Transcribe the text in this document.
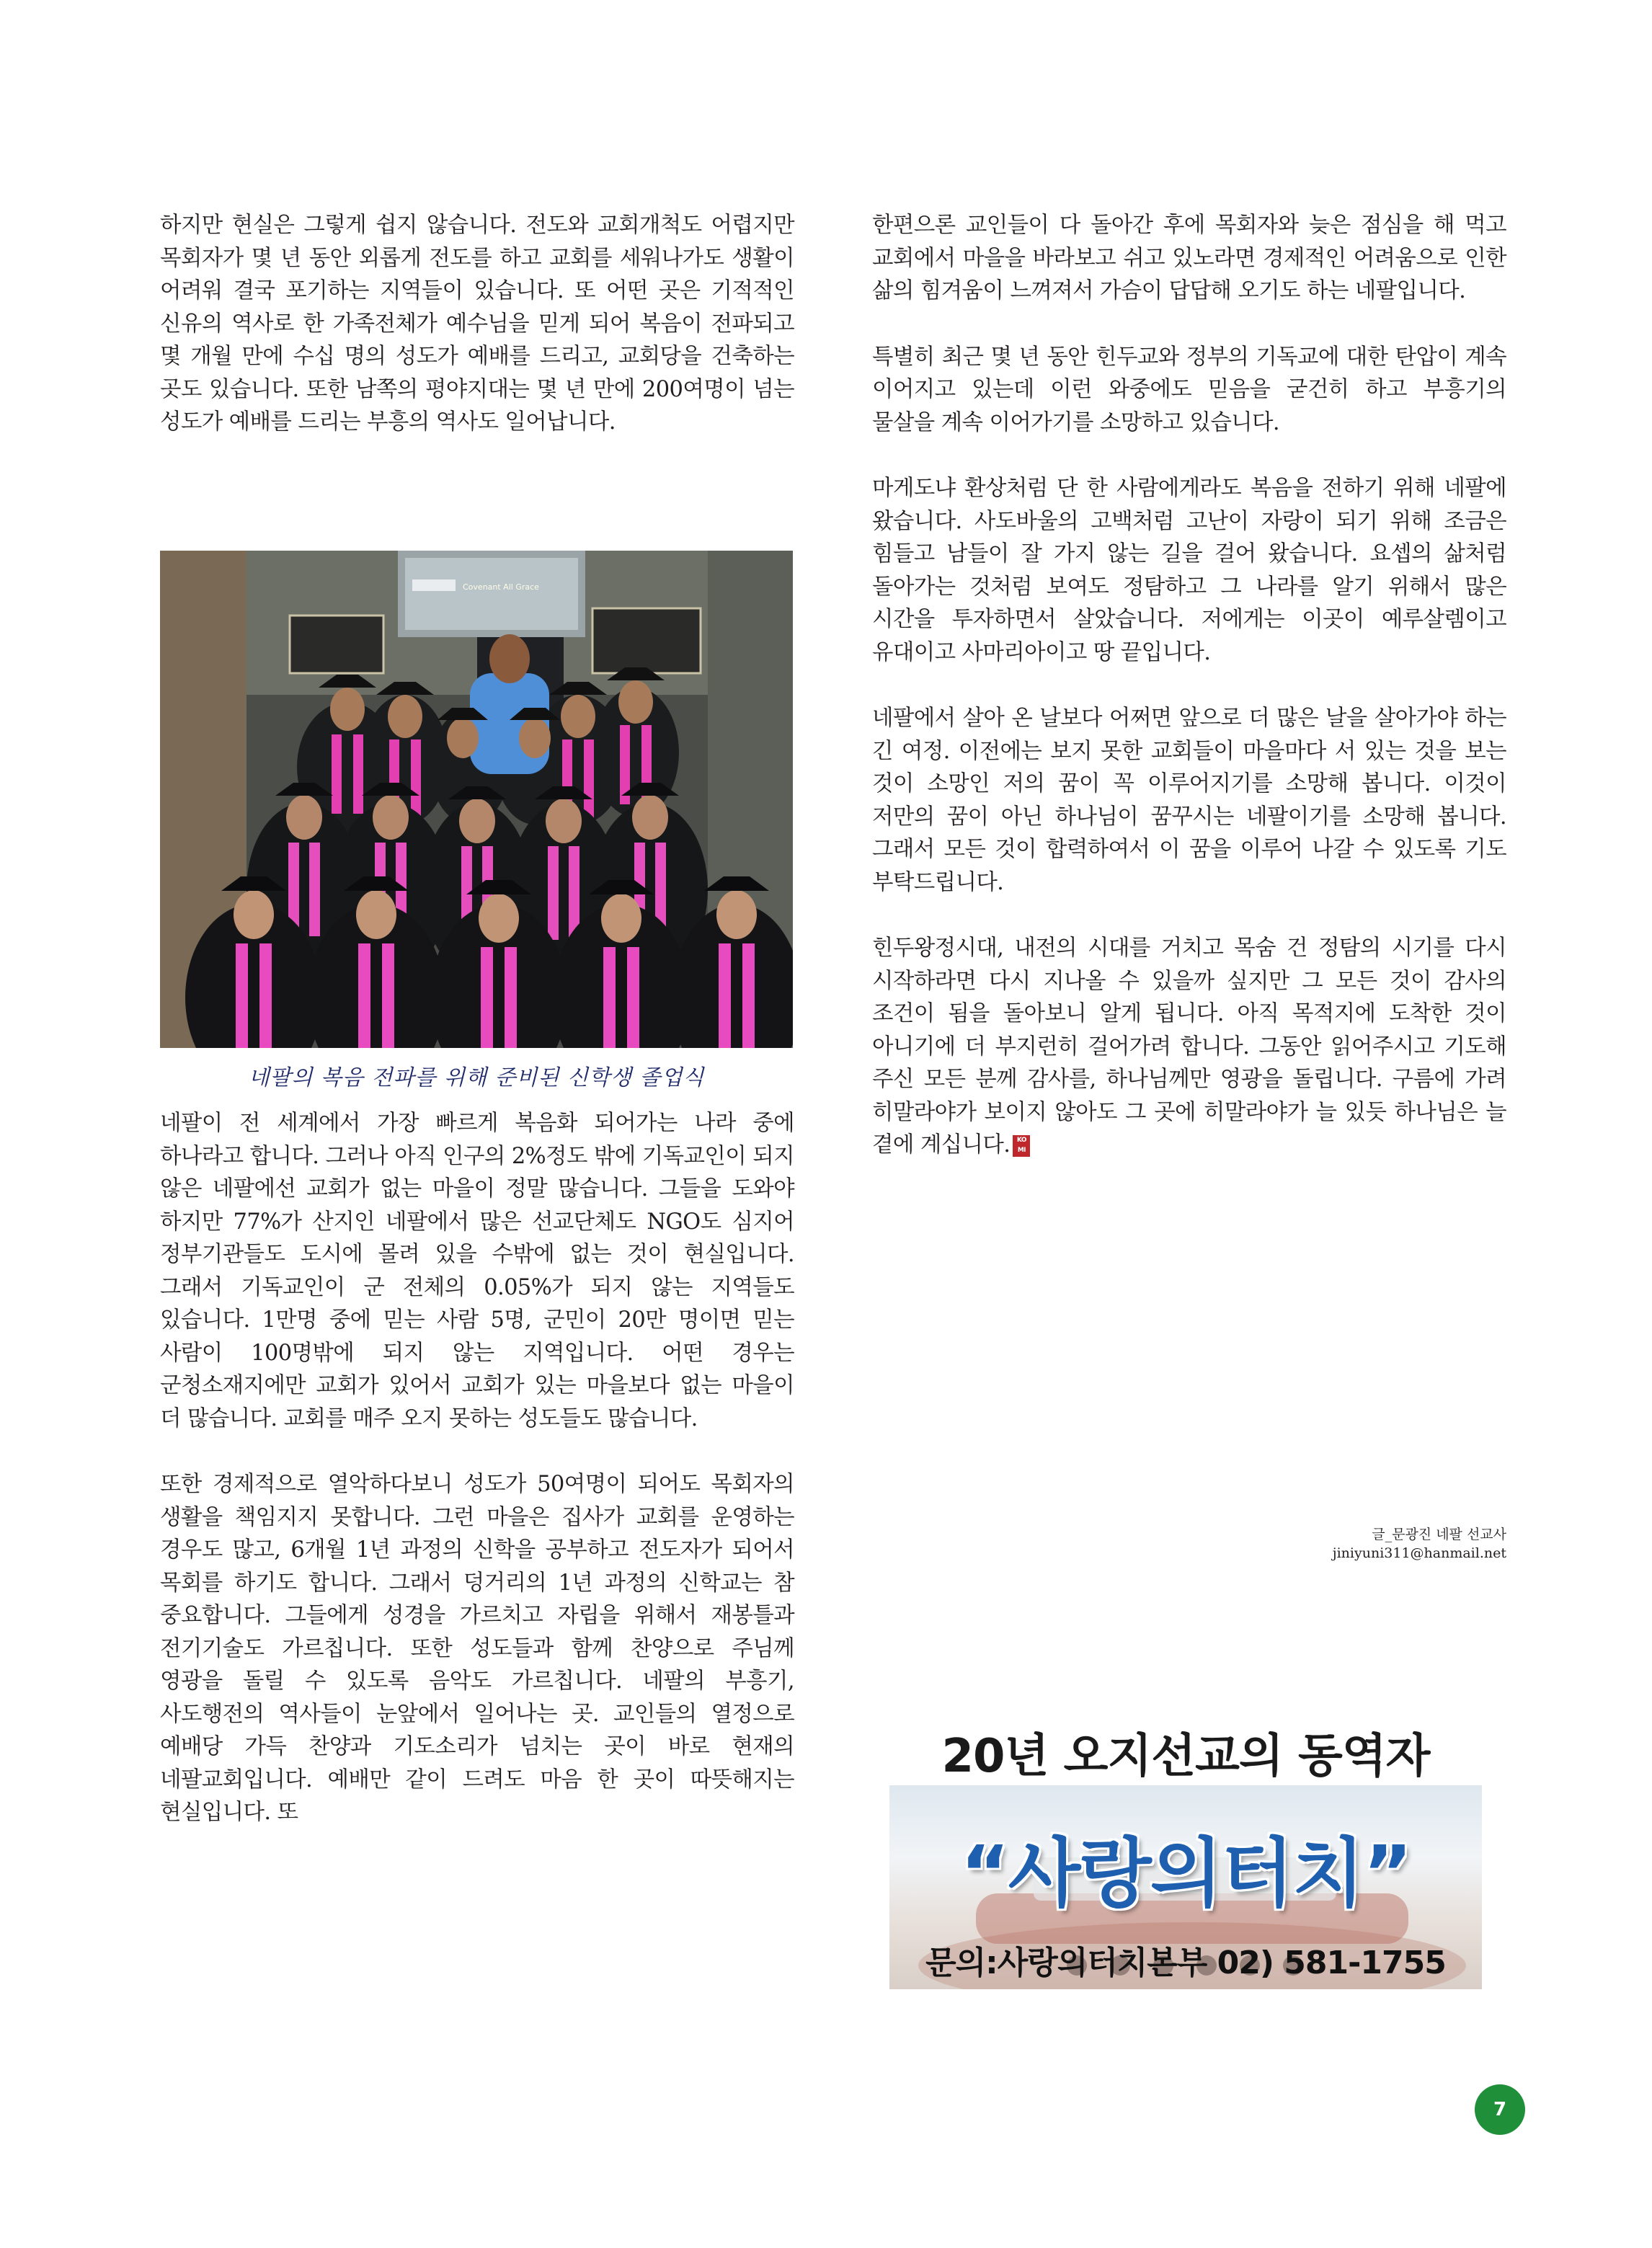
하지만 현실은 그렇게 쉽지 않습니다. 전도와 교회개척도 어렵지만 목회자가 몇 년 동안 외롭게 전도를 하고 교회를 세워나가도 생활이 어려워 결국 포기하는 지역들이 있습니다. 또 어떤 곳은 기적적인 신유의 역사로 한 가족전체가 예수님을 믿게 되어 복음이 전파되고 몇 개월 만에 수십 명의 성도가 예배를 드리고, 교회당을 건축하는 곳도 있습니다. 또한 남쪽의 평야지대는 몇 년 만에 200여명이 넘는 성도가 예배를 드리는 부흥의 역사도 일어납니다.

Covenant All Grace
네팔의 복음 전파를 위해 준비된 신학생 졸업식

네팔이 전 세계에서 가장 빠르게 복음화 되어가는 나라 중에 하나라고 합니다. 그러나 아직 인구의 2%정도 밖에 기독교인이 되지 않은 네팔에선 교회가 없는 마을이 정말 많습니다. 그들을 도와야 하지만 77%가 산지인 네팔에서 많은 선교단체도 NGO도 심지어 정부기관들도 도시에 몰려 있을 수밖에 없는 것이 현실입니다. 그래서 기독교인이 군 전체의 0.05%가 되지 않는 지역들도 있습니다. 1만명 중에 믿는 사람 5명, 군민이 20만 명이면 믿는 사람이 100명밖에 되지 않는 지역입니다. 어떤 경우는 군청소재지에만 교회가 있어서 교회가 있는 마을보다 없는 마을이 더 많습니다. 교회를 매주 오지 못하는 성도들도 많습니다.

또한 경제적으로 열악하다보니 성도가 50여명이 되어도 목회자의 생활을 책임지지 못합니다. 그런 마을은 집사가 교회를 운영하는 경우도 많고, 6개월 1년 과정의 신학을 공부하고 전도자가 되어서 목회를 하기도 합니다. 그래서 덩거리의 1년 과정의 신학교는 참 중요합니다. 그들에게 성경을 가르치고 자립을 위해서 재봉틀과 전기기술도 가르칩니다. 또한 성도들과 함께 찬양으로 주님께 영광을 돌릴 수 있도록 음악도 가르칩니다. 네팔의 부흥기, 사도행전의 역사들이 눈앞에서 일어나는 곳. 교인들의 열정으로 예배당 가득 찬양과 기도소리가 넘치는 곳이 바로 현재의 네팔교회입니다. 예배만 같이 드려도 마음 한 곳이 따뜻해지는 현실입니다. 또

한편으론 교인들이 다 돌아간 후에 목회자와 늦은 점심을 해 먹고 교회에서 마을을 바라보고 쉬고 있노라면 경제적인 어려움으로 인한 삶의 힘겨움이 느껴져서 가슴이 답답해 오기도 하는 네팔입니다.

특별히 최근 몇 년 동안 힌두교와 정부의 기독교에 대한 탄압이 계속 이어지고 있는데 이런 와중에도 믿음을 굳건히 하고 부흥기의 물살을 계속 이어가기를 소망하고 있습니다.

마게도냐 환상처럼 단 한 사람에게라도 복음을 전하기 위해 네팔에 왔습니다. 사도바울의 고백처럼 고난이 자랑이 되기 위해 조금은 힘들고 남들이 잘 가지 않는 길을 걸어 왔습니다. 요셉의 삶처럼 돌아가는 것처럼 보여도 정탐하고 그 나라를 알기 위해서 많은 시간을 투자하면서 살았습니다. 저에게는 이곳이 예루살렘이고 유대이고 사마리아이고 땅 끝입니다.

네팔에서 살아 온 날보다 어쩌면 앞으로 더 많은 날을 살아가야 하는 긴 여정. 이전에는 보지 못한 교회들이 마을마다 서 있는 것을 보는 것이 소망인 저의 꿈이 꼭 이루어지기를 소망해 봅니다. 이것이 저만의 꿈이 아닌 하나님이 꿈꾸시는 네팔이기를 소망해 봅니다. 그래서 모든 것이 합력하여서 이 꿈을 이루어 나갈 수 있도록 기도 부탁드립니다.

힌두왕정시대, 내전의 시대를 거치고 목숨 건 정탐의 시기를 다시 시작하라면 다시 지나올 수 있을까 싶지만 그 모든 것이 감사의 조건이 됨을 돌아보니 알게 됩니다. 아직 목적지에 도착한 것이 아니기에 더 부지런히 걸어가려 합니다. 그동안 읽어주시고 기도해 주신 모든 분께 감사를, 하나님께만 영광을 돌립니다. 구름에 가려 히말라야가 보이지 않아도 그 곳에 히말라야가 늘 있듯 하나님은 늘 곁에 계십니다. KO MI

글_문광진 네팔 선교사
jiniyuni311@hanmail.net
20년 오지선교의 동역자
“사랑의터치”
문의:사랑의터치본부 02) 581-1755
7
